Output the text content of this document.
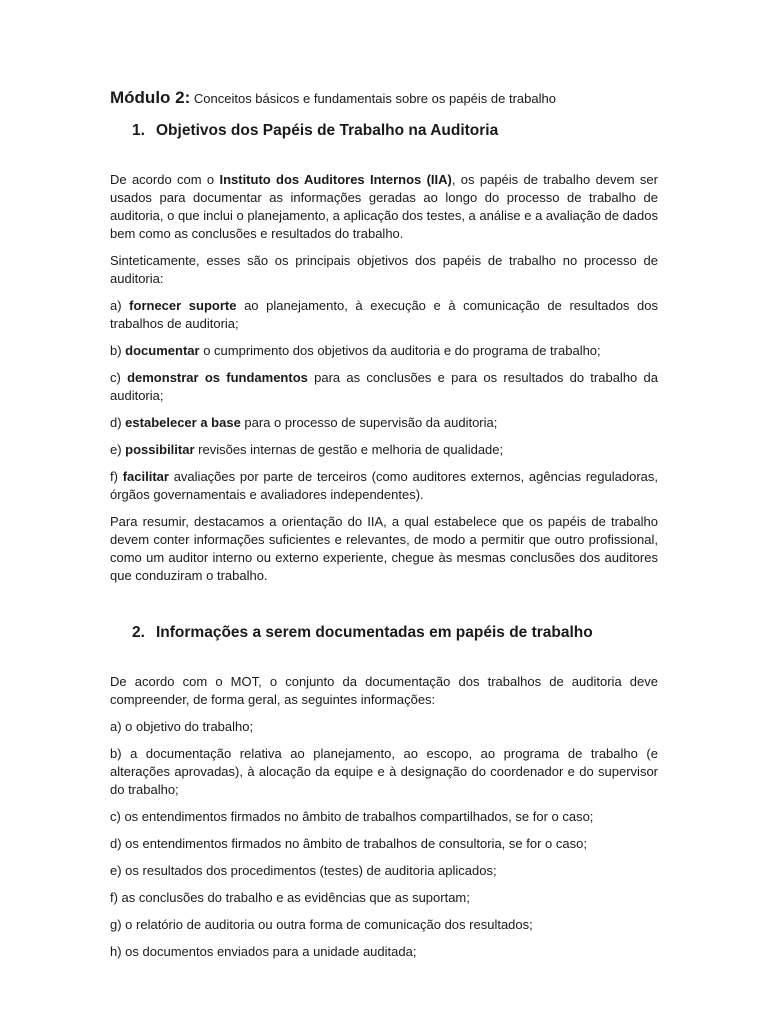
Módulo 2: Conceitos básicos e fundamentais sobre os papéis de trabalho
1. Objetivos dos Papéis de Trabalho na Auditoria

De acordo com o Instituto dos Auditores Internos (IIA), os papéis de trabalho devem ser usados para documentar as informações geradas ao longo do processo de trabalho de auditoria, o que inclui o planejamento, a aplicação dos testes, a análise e a avaliação de dados bem como as conclusões e resultados do trabalho.

Sinteticamente, esses são os principais objetivos dos papéis de trabalho no processo de auditoria:

a) fornecer suporte ao planejamento, à execução e à comunicação de resultados dos trabalhos de auditoria;

b) documentar o cumprimento dos objetivos da auditoria e do programa de trabalho;

c) demonstrar os fundamentos para as conclusões e para os resultados do trabalho da auditoria;

d) estabelecer a base para o processo de supervisão da auditoria;

e) possibilitar revisões internas de gestão e melhoria de qualidade;

f) facilitar avaliações por parte de terceiros (como auditores externos, agências reguladoras, órgãos governamentais e avaliadores independentes).

Para resumir, destacamos a orientação do IIA, a qual estabelece que os papéis de trabalho devem conter informações suficientes e relevantes, de modo a permitir que outro profissional, como um auditor interno ou externo experiente, chegue às mesmas conclusões dos auditores que conduziram o trabalho.

2. Informações a serem documentadas em papéis de trabalho

De acordo com o MOT, o conjunto da documentação dos trabalhos de auditoria deve compreender, de forma geral, as seguintes informações:

a) o objetivo do trabalho;

b) a documentação relativa ao planejamento, ao escopo, ao programa de trabalho (e alterações aprovadas), à alocação da equipe e à designação do coordenador e do supervisor do trabalho;

c) os entendimentos firmados no âmbito de trabalhos compartilhados, se for o caso;

d) os entendimentos firmados no âmbito de trabalhos de consultoria, se for o caso;

e) os resultados dos procedimentos (testes) de auditoria aplicados;

f) as conclusões do trabalho e as evidências que as suportam;

g) o relatório de auditoria ou outra forma de comunicação dos resultados;

h) os documentos enviados para a unidade auditada;
